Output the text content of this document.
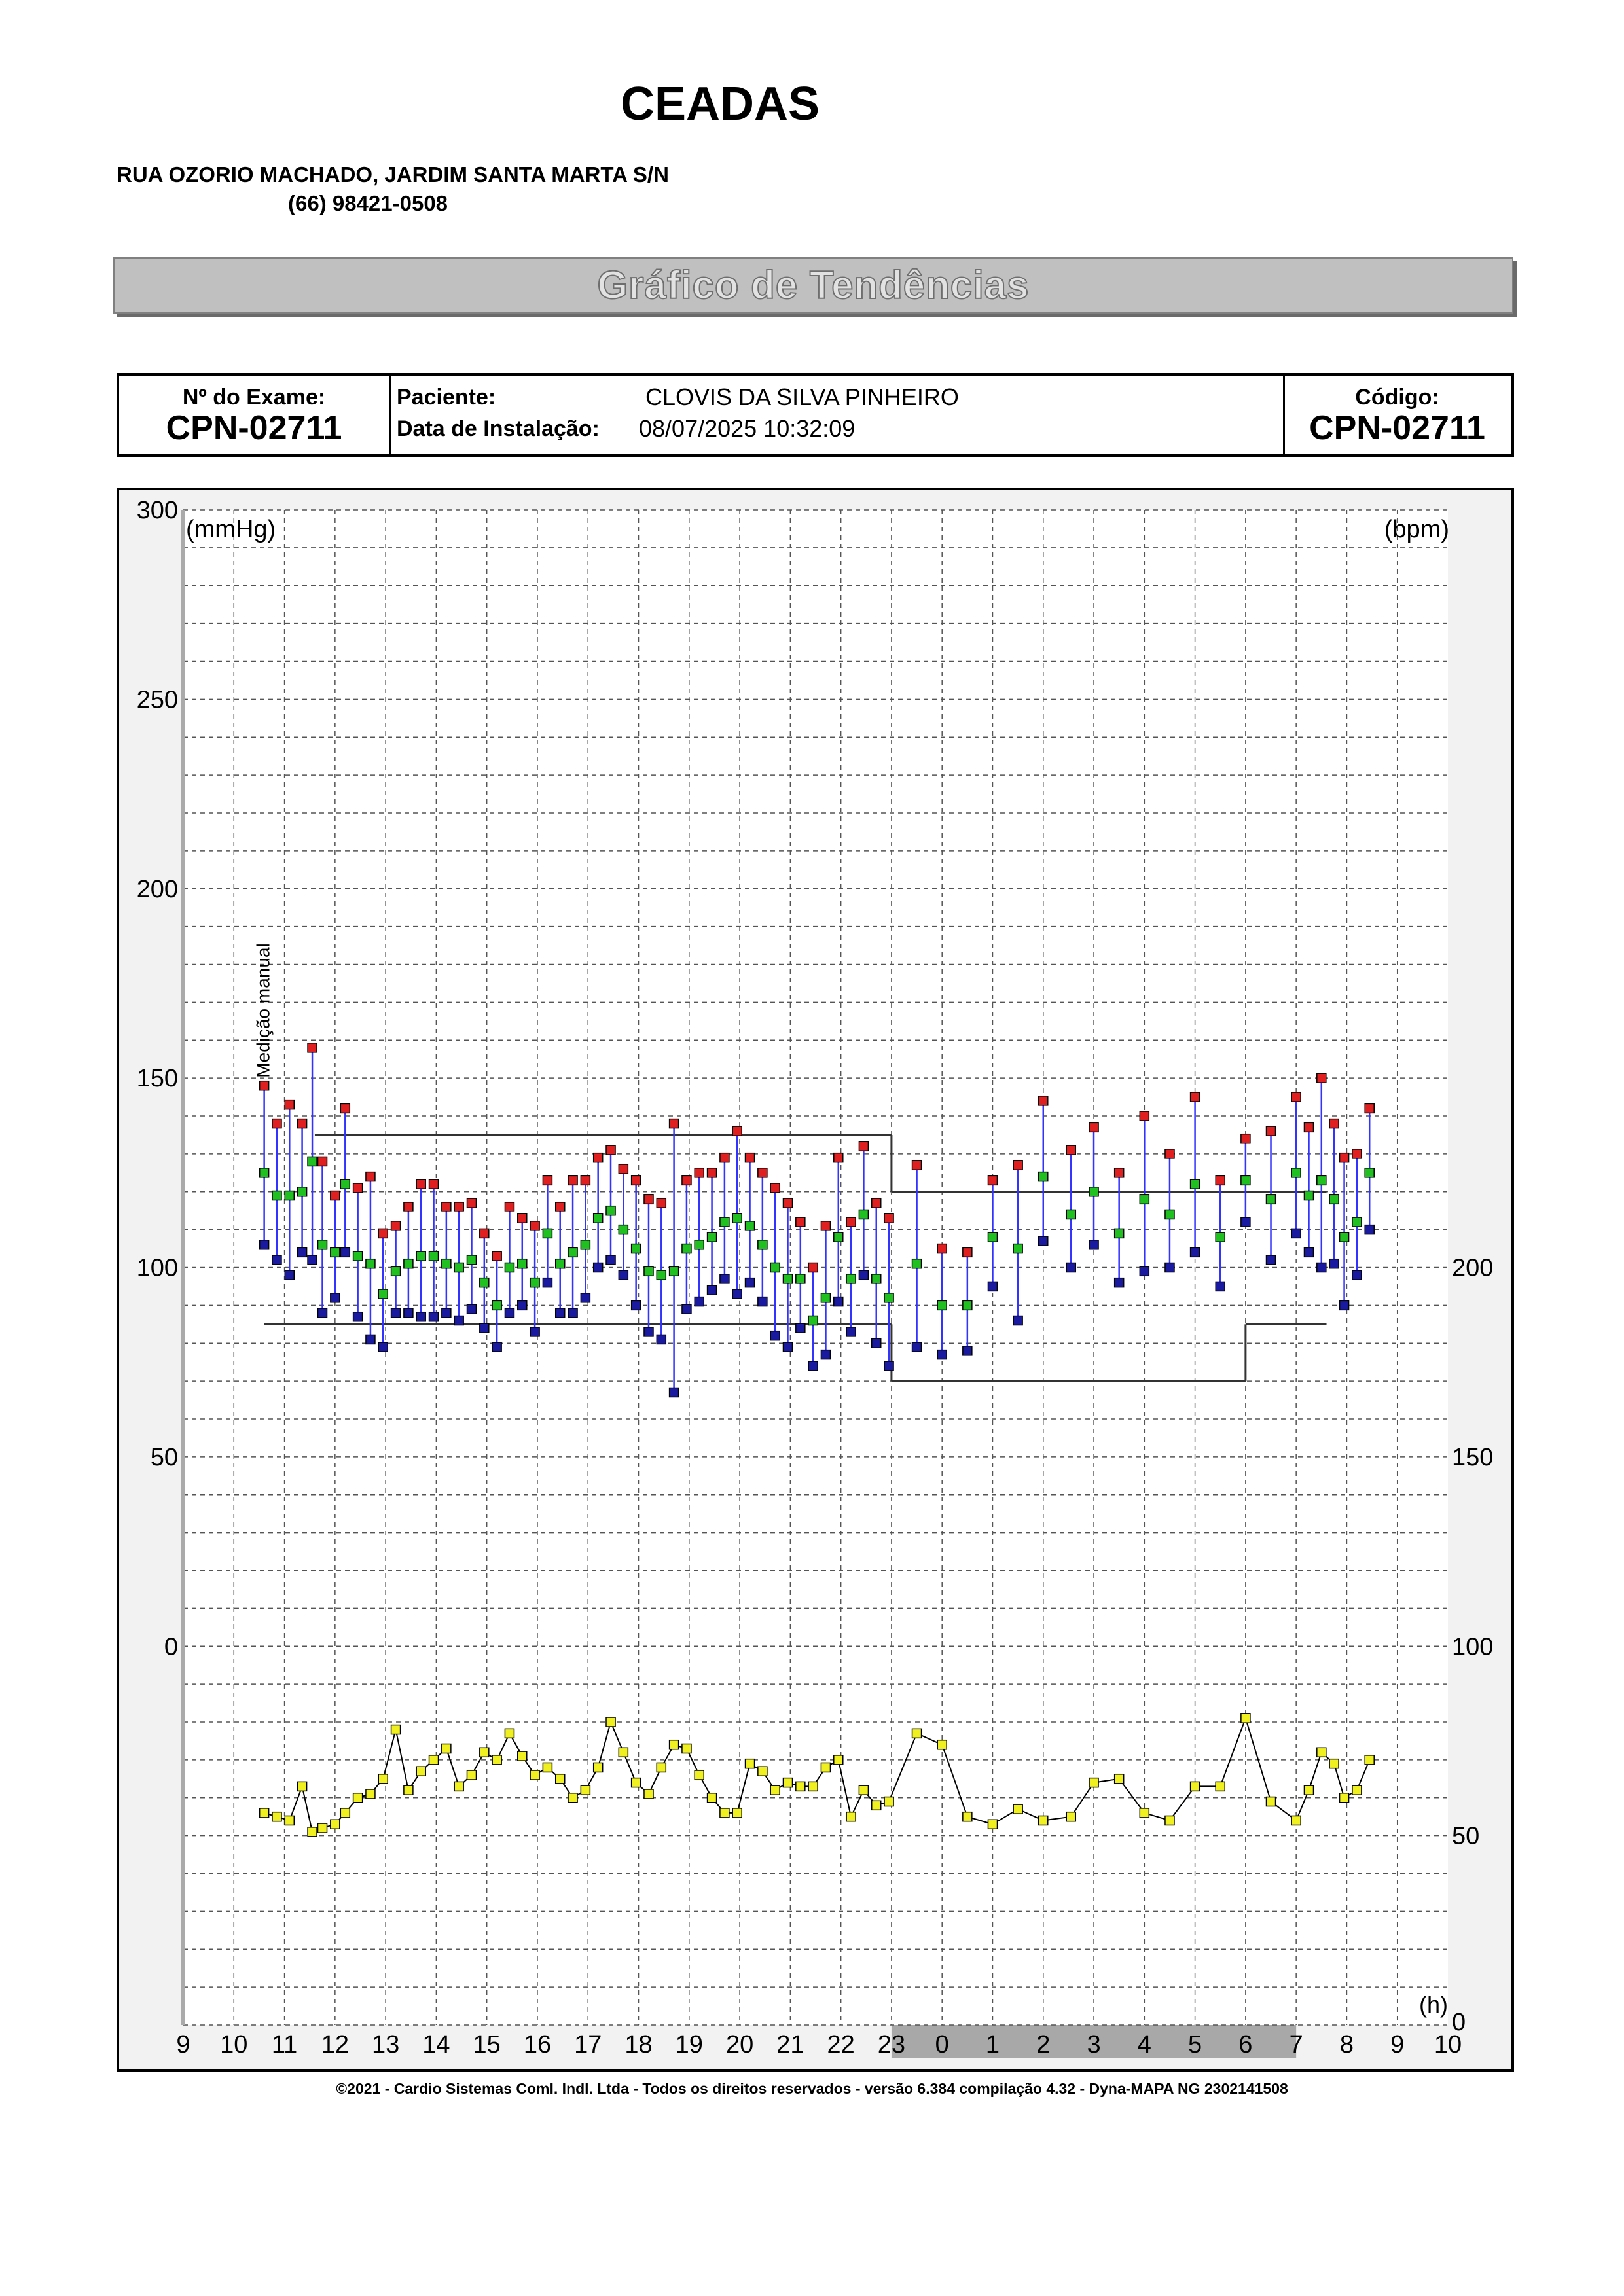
CEADAS
RUA OZORIO MACHADO, JARDIM SANTA MARTA S/N
(66) 98421-0508
Gráfico de Tendências
Nº do Exame:
CPN-02711
Paciente:	CLOVIS DA SILVA PINHEIRO
Data de Instalação: 08/07/2025 10:32:09
Código:
CPN-02711
300
250
200
150
100
50
0
200
150
100
50
0
9 10 11 12 13 14 15 16 17 18 19 20 21 22 23 0 1 2 3 4 5 6 7 8 9 10
(mmHg)	(bpm)
(h)
Medição manual
©2021 - Cardio Sistemas Coml. Indl. Ltda - Todos os direitos reservados - versão 6.384 compilação 4.32 - Dyna-MAPA NG 2302141508
